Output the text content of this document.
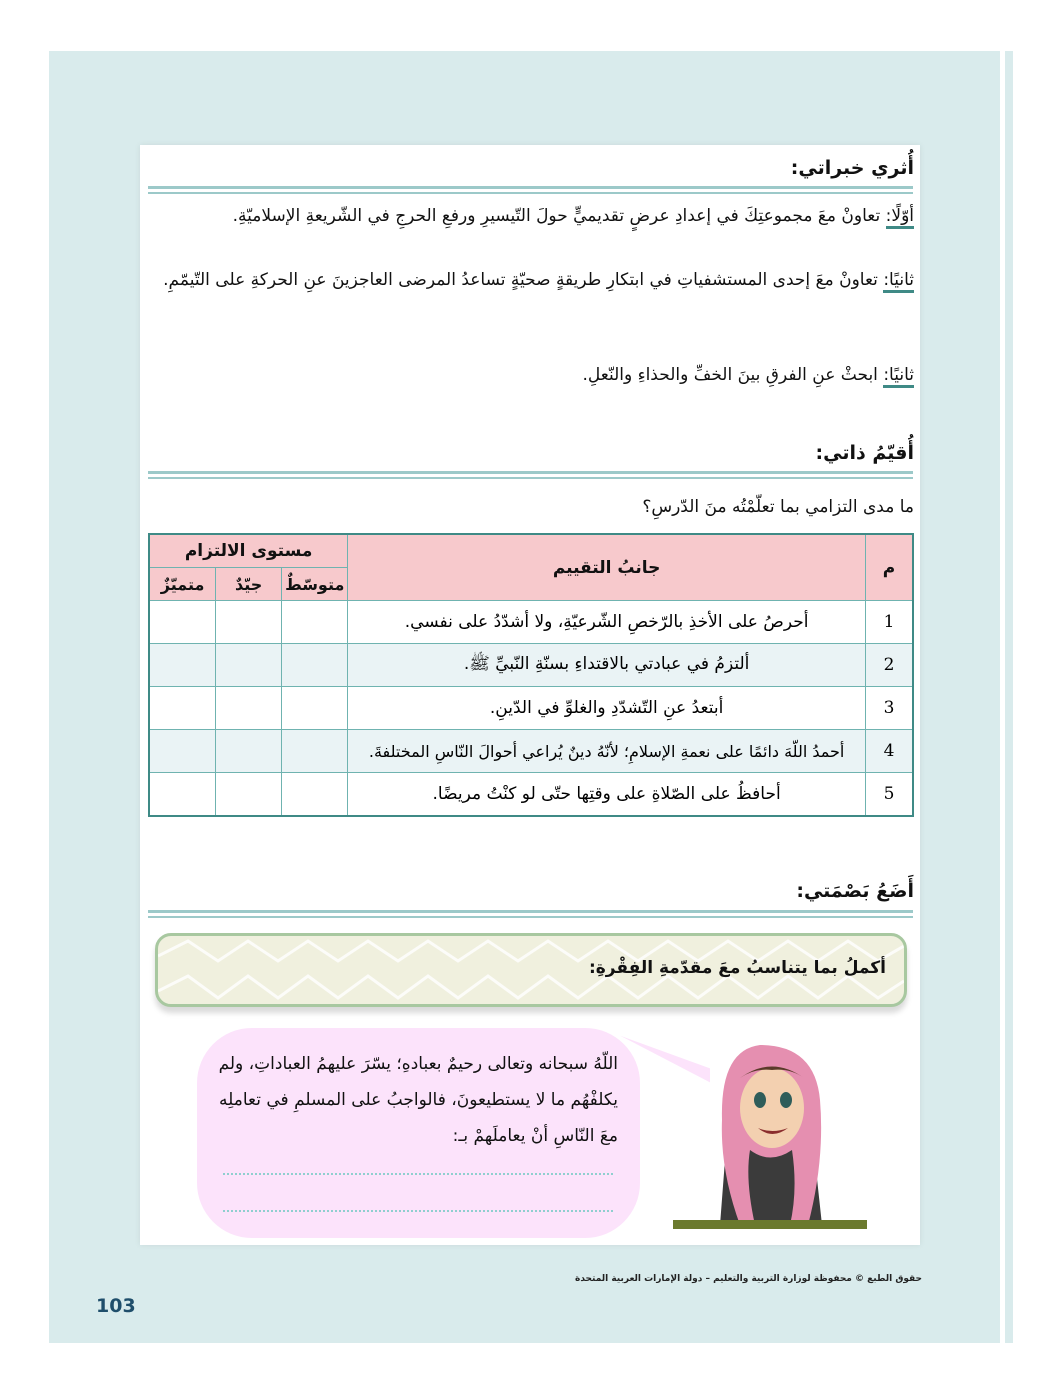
أُثري خبراتي:
أوّلًا: تعاونْ معَ مجموعتِكَ في إعدادِ عرضٍ تقديميٍّ حولَ التّيسيرِ ورفعِ الحرجِ في الشّريعةِ الإسلاميّةِ.
ثانيًا: تعاونْ معَ إحدى المستشفياتِ في ابتكارِ طريقةٍ صحيّةٍ تساعدُ المرضى العاجزينَ عنِ الحركةِ على التّيمّمِ.
ثانيًا: ابحثْ عنِ الفرقِ بينَ الخفِّ والحذاءِ والنّعلِ.
أُقيّمُ ذاتي:
ما مدى التزامي بما تعلّمْتُه منَ الدّرسِ؟
م	جانبُ التقييم	مستوى الالتزام		
		متوسّطٌ	جيّدٌ	متميّزٌ
1	أحرصُ على الأخذِ بالرّخصِ الشّرعيّةِ، ولا أشدّدُ على نفسي.			
2	ألتزمُ في عبادتي بالاقتداءِ بسنّةِ النّبيِّ ﷺ.			
3	أبتعدُ عنِ التّشدّدِ والغلوِّ في الدّينِ.			
4	أحمدُ اللّهَ دائمًا على نعمةِ الإسلامِ؛ لأنّهُ دينٌ يُراعي أحوالَ النّاسِ المختلفةَ.			
5	أحافظُ على الصّلاةِ على وقتِها حتّى لو كنْتُ مريضًا.			
أَضَعُ بَصْمَتي:
أكملُ بما يتناسبُ معَ مقدّمةِ الفِقْرةِ:
اللّهُ سبحانه وتعالى رحيمٌ بعبادهِ؛ يسّرَ عليهمُ العباداتِ، ولم يكلفْهُم ما لا يستطيعونَ، فالواجبُ على المسلمِ في تعاملِه معَ النّاسِ أنْ يعاملَهمْ بـ:
حقوق الطبع © محفوظة لوزارة التربية والتعليم – دولة الإمارات العربية المتحدة
103
